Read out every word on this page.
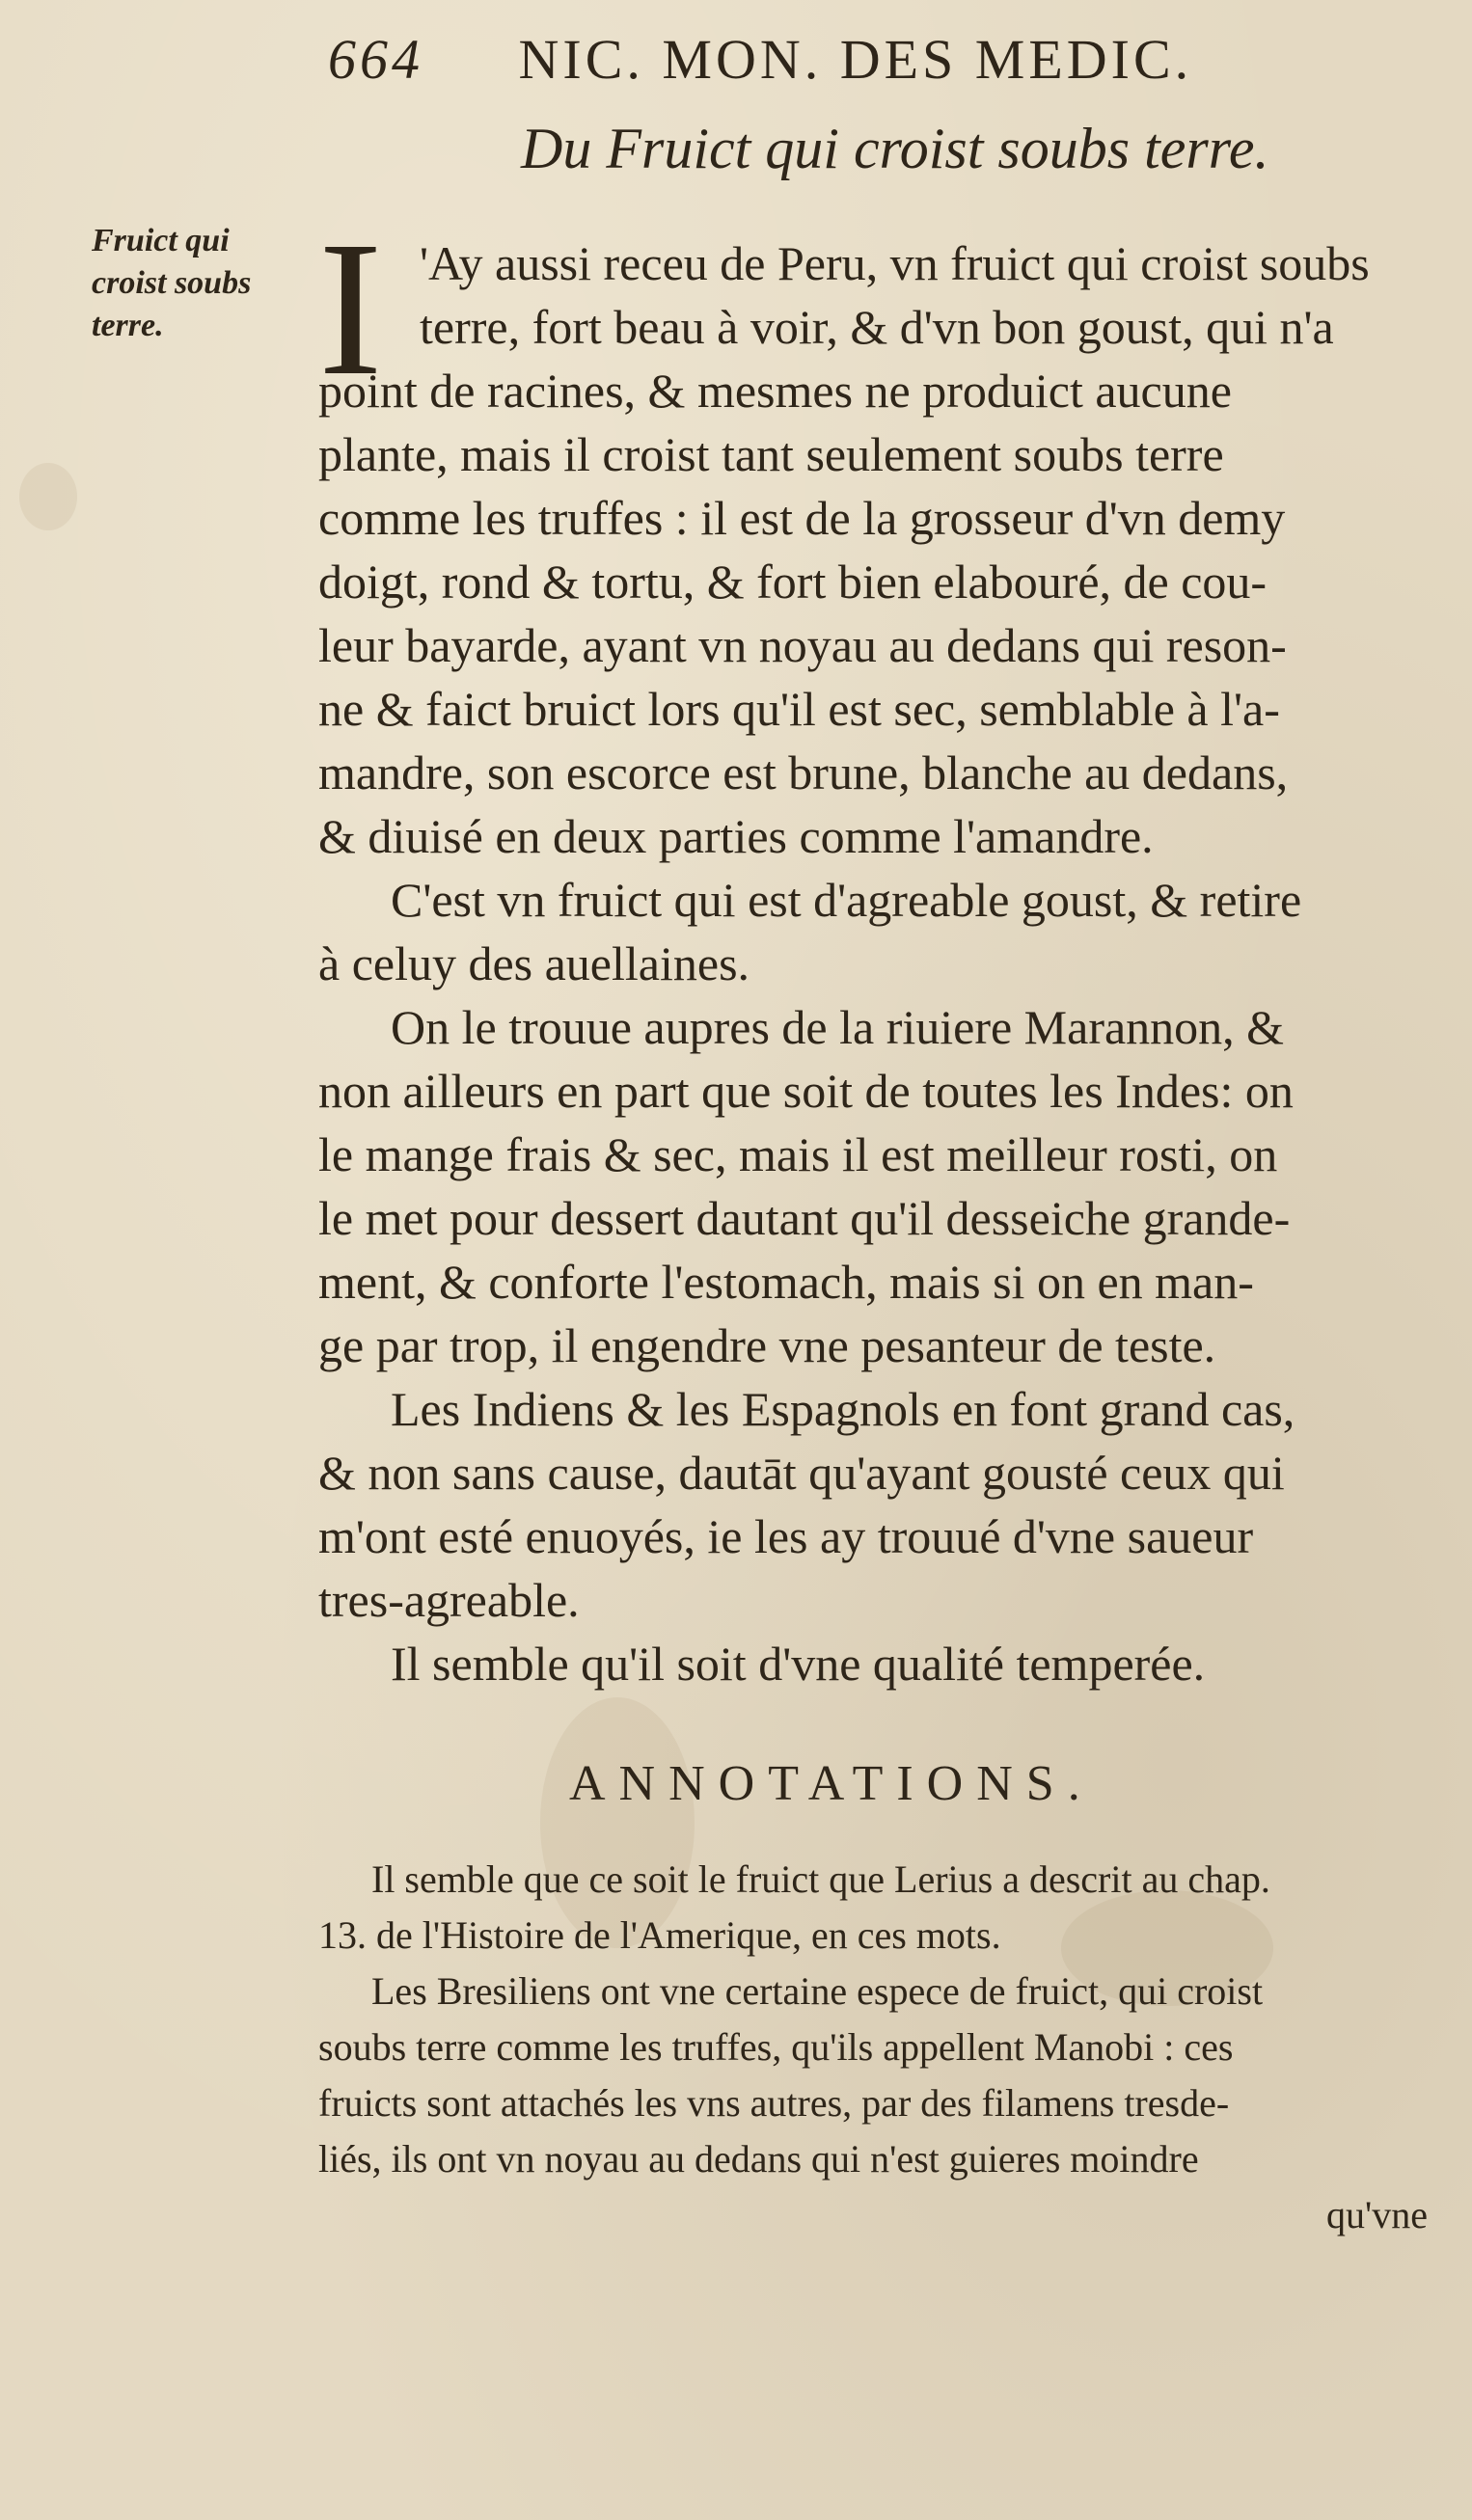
664 NIC. MON. DES MEDIC.
Du Fruict qui croist soubs terre.
Fruict qui
croist soubs
terre. I 'Ay aussi receu de Peru, vn fruict qui croist soubs
terre, fort beau à voir, & d'vn bon goust, qui n'a
point de racines, & mesmes ne produict aucune
plante, mais il croist tant seulement soubs terre
comme les truffes : il est de la grosseur d'vn demy
doigt, rond & tortu, & fort bien elabouré, de cou-
leur bayarde, ayant vn noyau au dedans qui reson-
ne & faict bruict lors qu'il est sec, semblable à l'a-
mandre, son escorce est brune, blanche au dedans,
& diuisé en deux parties comme l'amandre.
C'est vn fruict qui est d'agreable goust, & retire
à celuy des auellaines.
On le trouue aupres de la riuiere Marannon, &
non ailleurs en part que soit de toutes les Indes: on
le mange frais & sec, mais il est meilleur rosti, on
le met pour dessert dautant qu'il desseiche grande-
ment, & conforte l'estomach, mais si on en man-
ge par trop, il engendre vne pesanteur de teste.
Les Indiens & les Espagnols en font grand cas,
& non sans cause, dautāt qu'ayant gousté ceux qui
m'ont esté enuoyés, ie les ay trouué d'vne saueur
tres-agreable.
Il semble qu'il soit d'vne qualité temperée.
ANNOTATIONS.
Il semble que ce soit le fruict que Lerius a descrit au chap.
13. de l'Histoire de l'Amerique, en ces mots.
Les Bresiliens ont vne certaine espece de fruict, qui croist
soubs terre comme les truffes, qu'ils appellent Manobi : ces
fruicts sont attachés les vns autres, par des filamens tresde-
liés, ils ont vn noyau au dedans qui n'est guieres moindre
qu'vne
